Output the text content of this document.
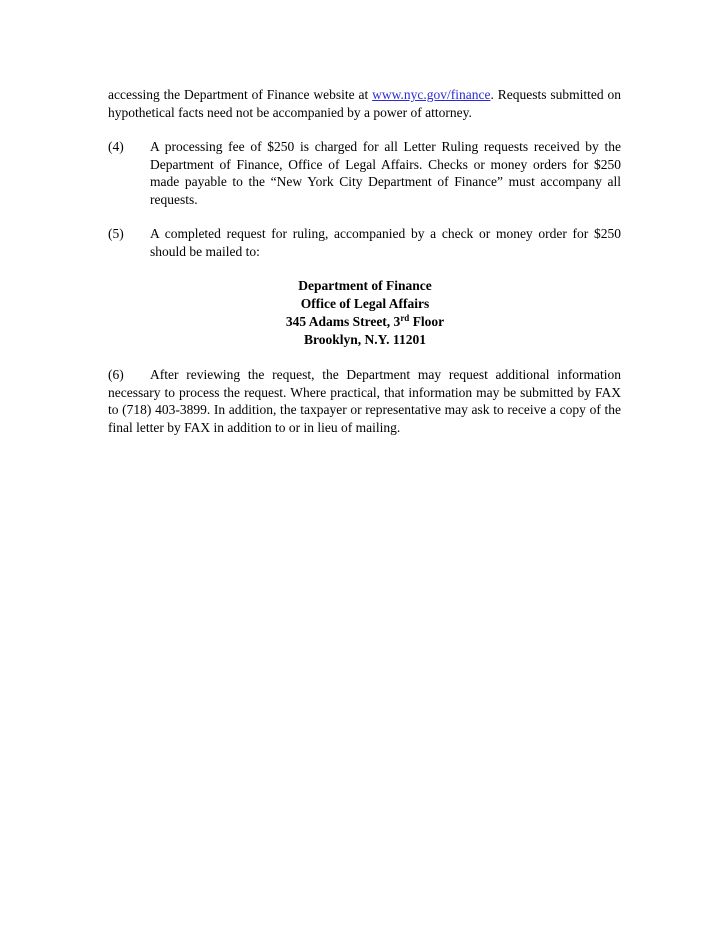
accessing the Department of Finance website at www.nyc.gov/finance. Requests submitted on hypothetical facts need not be accompanied by a power of attorney.

(4)	A processing fee of $250 is charged for all Letter Ruling requests received by the Department of Finance, Office of Legal Affairs. Checks or money orders for $250 made payable to the “New York City Department of Finance” must accompany all requests.

(5)	A completed request for ruling, accompanied by a check or money order for $250 should be mailed to:

Department of Finance
Office of Legal Affairs
345 Adams Street, 3rd Floor
Brooklyn, N.Y. 11201

(6) After reviewing the request, the Department may request additional information necessary to process the request. Where practical, that information may be submitted by FAX to (718) 403-3899. In addition, the taxpayer or representative may ask to receive a copy of the final letter by FAX in addition to or in lieu of mailing.
